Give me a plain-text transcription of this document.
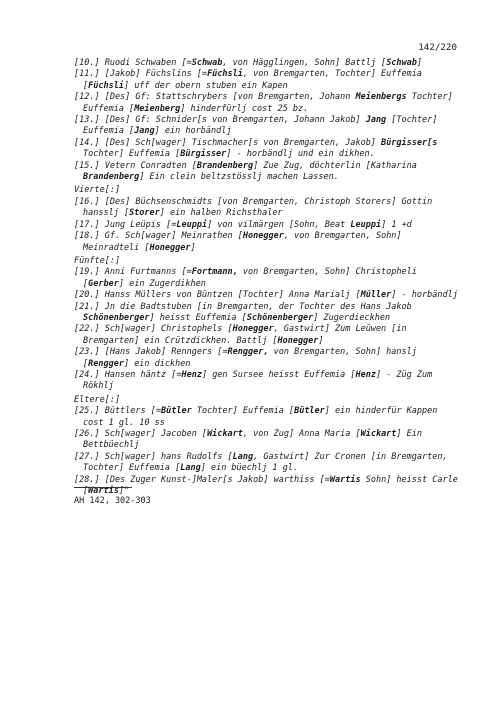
142/220
[10.] Ruodi Schwaben [=Schwab, von Hägglingen, Sohn] Battlj [Schwab]
[11.] [Jakob] Füchslins [=Füchsli, von Bremgarten, Tochter] Euffemia [Füchsli] uff der obern stuben ein Kapen
[12.] [Des] Gf: Stattschrybers [von Bremgarten, Johann Meienbergs Tochter] Euffemia [Meienberg] hinderfürlj cost 25 bz.
[13.] [Des] Gf: Schnider[s von Bremgarten, Johann Jakob] Jang [Tochter] Euffemia [Jang] ein horbändlj
[14.] [Des] Sch[wager] Tischmacher[s von Bremgarten, Jakob] Bürgisser[s Tochter] Euffemia [Bürgisser] - horbändlj und ein dikhen.
[15.] Vetern Conradten [Brandenberg] Zue Zug, döchterlin [Katharina Brandenberg] Ein clein beltzstösslj machen Lassen.
Vierte[:]
[16.] [Des] Büchsenschmidts [von Bremgarten, Christoph Storers] Gottin hansslj [Storer] ein halben Richsthaler
[17.] Jung Leüpis [=Leuppi] von vilmärgen [Sohn, Beat Leuppi] 1 +d
[18.] Gf. Sch[wager] Meinrathen [Honegger, von Bremgarten, Sohn] Meinradteli [Honegger]
Fünfte[:]
[19.] Anni Furtmanns [=Fortmann, von Bremgarten, Sohn] Christopheli [Gerber] ein Zugerdikhen
[20.] Hanss Müllers von Büntzen [Tochter] Anna Marialj [Müller] - horbändlj
[21.] Jn die Badtstuben [in Bremgarten, der Tochter des Hans Jakob Schönenberger] heisst Euffemia [Schönenberger] Zugerdieckhen
[22.] Sch[wager] Christophels [Honegger, Gastwirt] Zum Leüwen [in Bremgarten] ein Crützdickhen. Battlj [Honegger]
[23.] [Hans Jakob] Renngers [=Rengger, von Bremgarten, Sohn] hanslj [Rengger] ein dickhen
[24.] Hansen häntz [=Henz] gen Sursee heisst Euffemia [Henz] - Züg Zum Rökhlj
Eltere[:]
[25.] Büttlers [=Bütler Tochter] Euffemia [Bütler] ein hinderfür Kappen cost 1 gl. 10 ss
[26.] Sch[wager] Jacoben [Wickart, von Zug] Anna Maria [Wickart] Ein Bettbüechlj
[27.] Sch[wager] hans Rudolfs [Lang, Gastwirt] Zur Cronen [in Bremgarten, Tochter] Euffemia [Lang] ein büechlj 1 gl.
[28.] [Des Zuger Kunst-]Maler[s Jakob] warthiss [=Wartis Sohn] heisst Carle [Wartis]"
AH 142, 302-303
